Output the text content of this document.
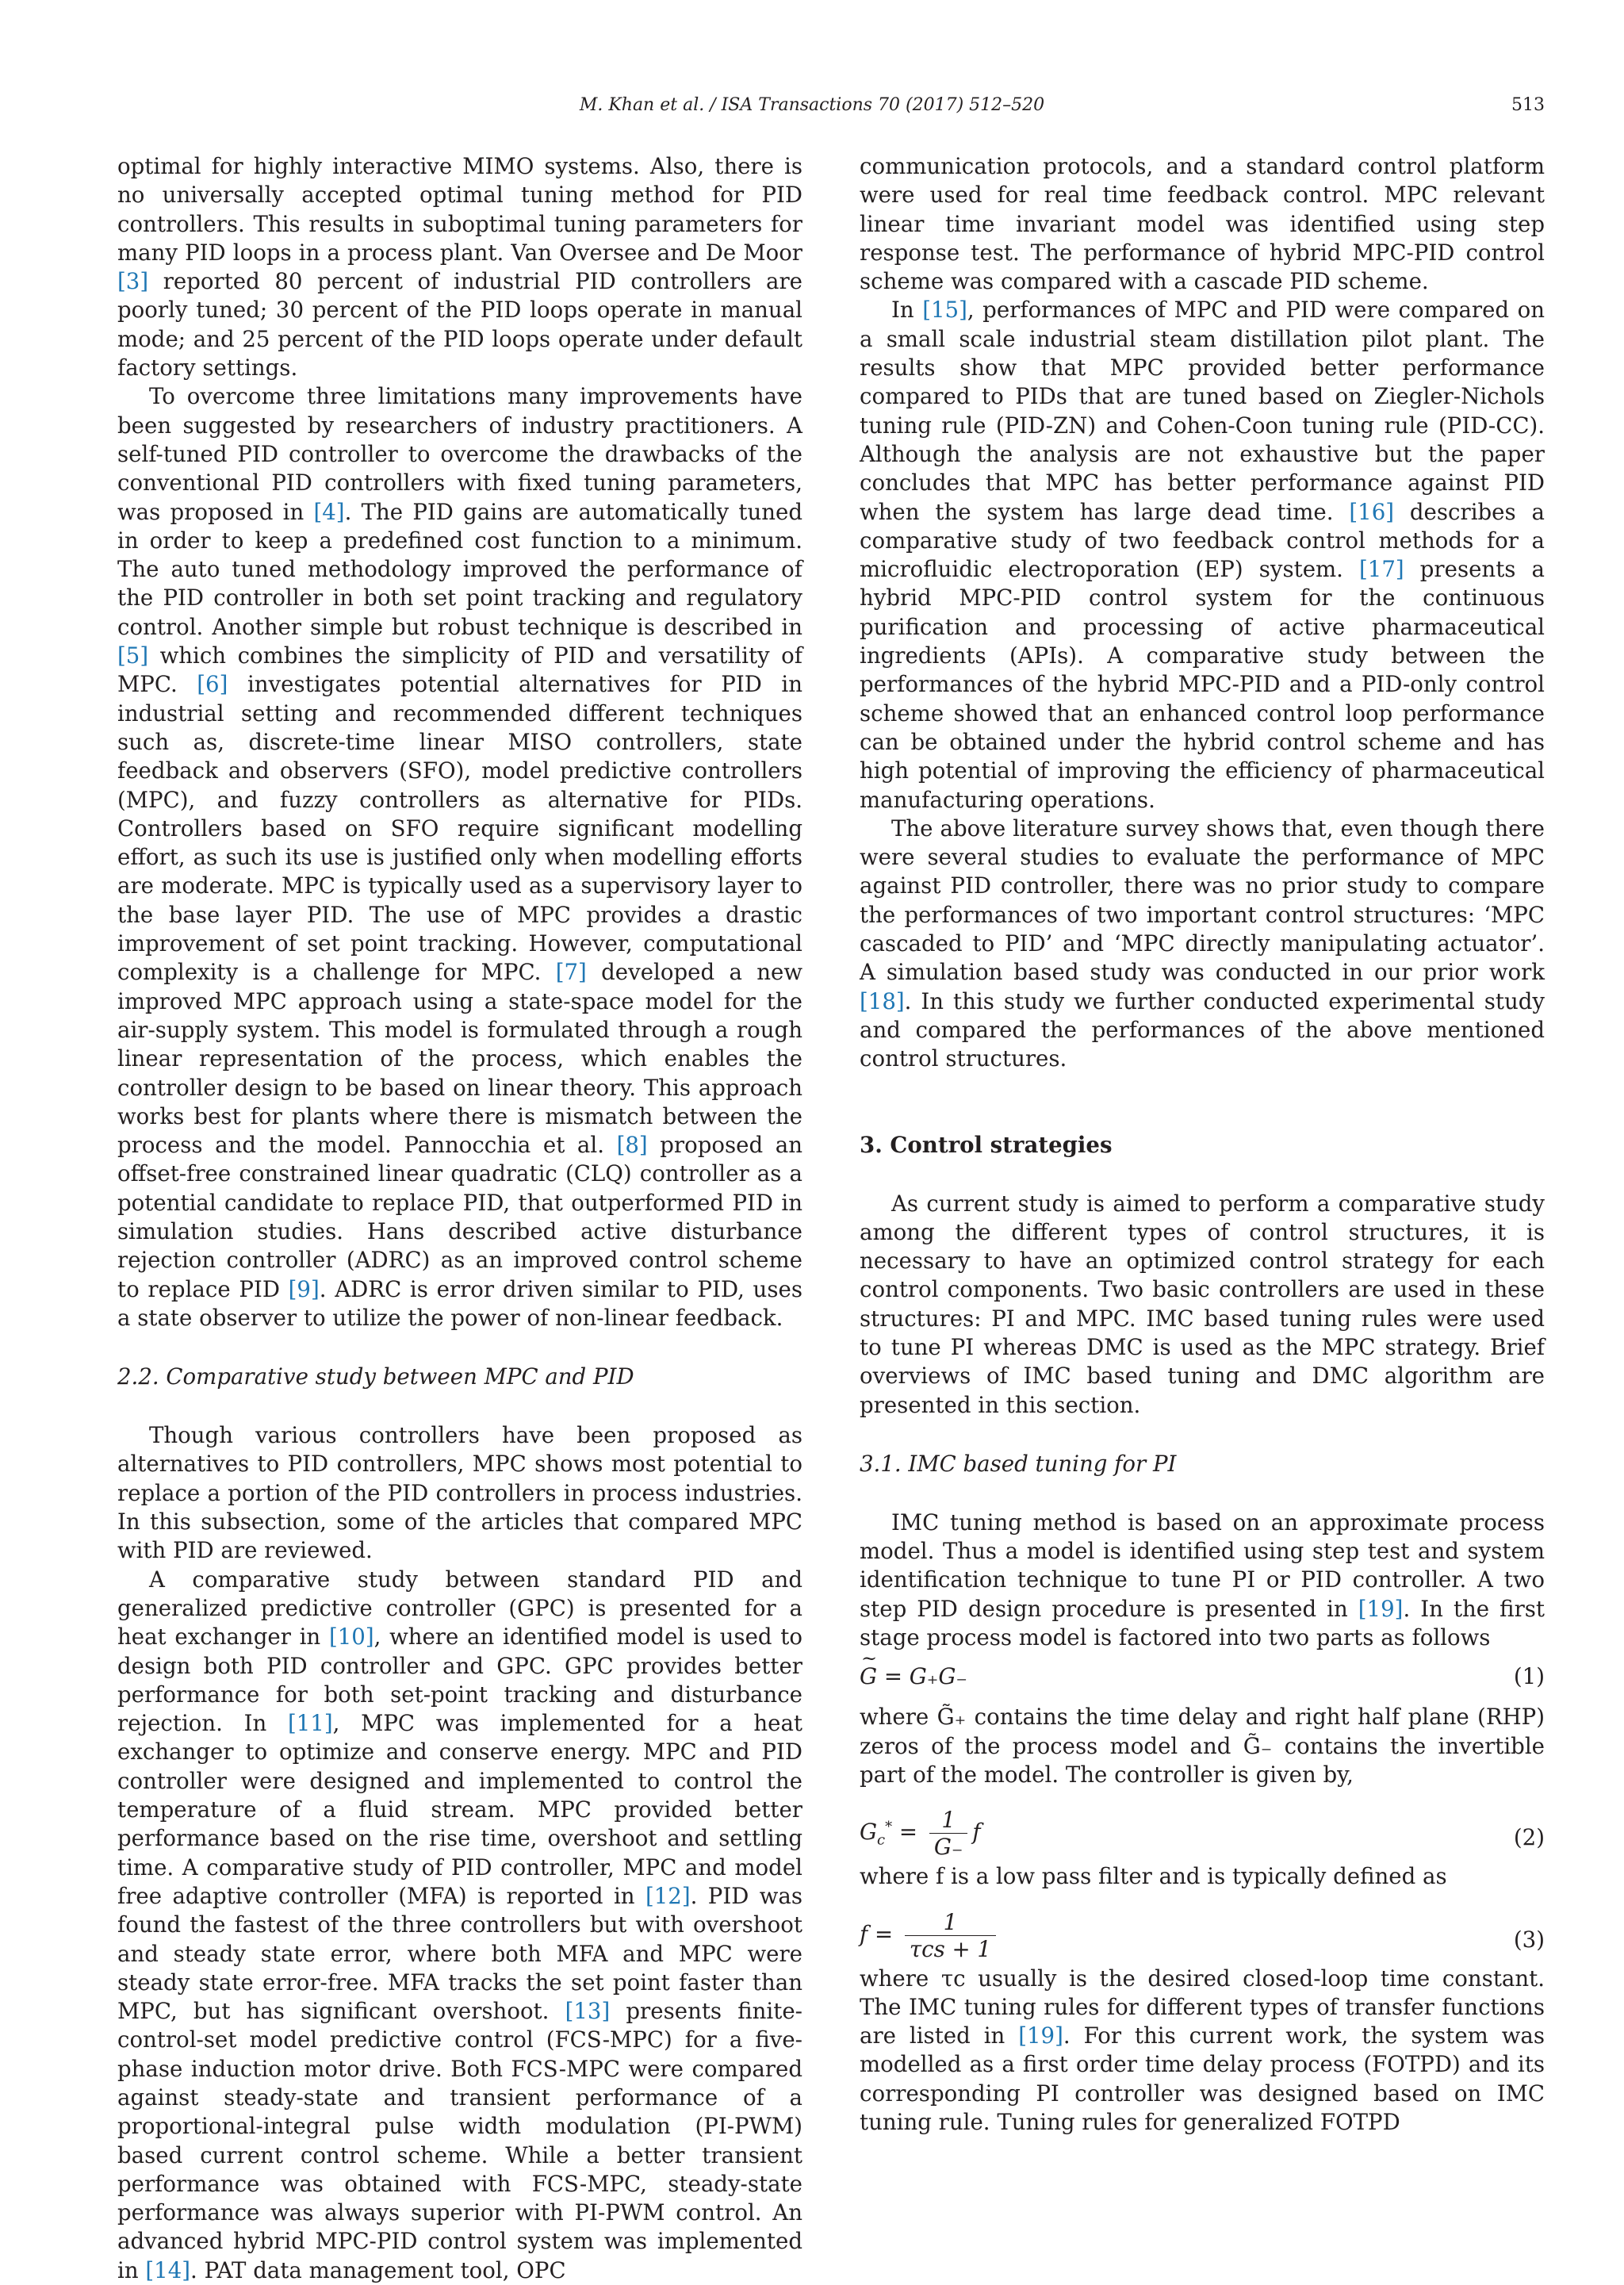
M. Khan et al. / ISA Transactions 70 (2017) 512–520	513

optimal for highly interactive MIMO systems. Also, there is no universally accepted optimal tuning method for PID controllers. This results in suboptimal tuning parameters for many PID loops in a process plant. Van Oversee and De Moor [3] reported 80 percent of industrial PID controllers are poorly tuned; 30 percent of the PID loops operate in manual mode; and 25 percent of the PID loops operate under default factory settings.

To overcome three limitations many improvements have been suggested by researchers of industry practitioners. A self-tuned PID controller to overcome the drawbacks of the conventional PID controllers with fixed tuning parameters, was proposed in [4]. The PID gains are automatically tuned in order to keep a predefined cost function to a minimum. The auto tuned methodology improved the performance of the PID controller in both set point tracking and regulatory control. Another simple but robust technique is described in [5] which combines the simplicity of PID and versatility of MPC. [6] investigates potential alternatives for PID in industrial setting and recommended different techniques such as, discrete-time linear MISO controllers, state feedback and observers (SFO), model predictive controllers (MPC), and fuzzy controllers as alternative for PIDs. Controllers based on SFO require significant modelling effort, as such its use is justified only when modelling efforts are moderate. MPC is typically used as a supervisory layer to the base layer PID. The use of MPC provides a drastic improvement of set point tracking. However, computational complexity is a challenge for MPC. [7] developed a new improved MPC approach using a state-space model for the air-supply system. This model is formulated through a rough linear representation of the process, which enables the controller design to be based on linear theory. This approach works best for plants where there is mismatch between the process and the model. Pannocchia et al. [8] proposed an offset-free constrained linear quadratic (CLQ) controller as a potential candidate to replace PID, that outperformed PID in simulation studies. Hans described active disturbance rejection controller (ADRC) as an improved control scheme to replace PID [9]. ADRC is error driven similar to PID, uses a state observer to utilize the power of non-linear feedback.

2.2. Comparative study between MPC and PID

Though various controllers have been proposed as alternatives to PID controllers, MPC shows most potential to replace a portion of the PID controllers in process industries. In this subsection, some of the articles that compared MPC with PID are reviewed.

A comparative study between standard PID and generalized predictive controller (GPC) is presented for a heat exchanger in [10], where an identified model is used to design both PID controller and GPC. GPC provides better performance for both set-point tracking and disturbance rejection. In [11], MPC was implemented for a heat exchanger to optimize and conserve energy. MPC and PID controller were designed and implemented to control the temperature of a fluid stream. MPC provided better performance based on the rise time, overshoot and settling time. A comparative study of PID controller, MPC and model free adaptive controller (MFA) is reported in [12]. PID was found the fastest of the three controllers but with overshoot and steady state error, where both MFA and MPC were steady state error-free. MFA tracks the set point faster than MPC, but has significant overshoot. [13] presents finite-control-set model predictive control (FCS-MPC) for a five-phase induction motor drive. Both FCS-MPC were compared against steady-state and transient performance of a proportional-integral pulse width modulation (PI-PWM) based current control scheme. While a better transient performance was obtained with FCS-MPC, steady-state performance was always superior with PI-PWM control. An advanced hybrid MPC-PID control system was implemented in [14]. PAT data management tool, OPC

communication protocols, and a standard control platform were used for real time feedback control. MPC relevant linear time invariant model was identified using step response test. The performance of hybrid MPC-PID control scheme was compared with a cascade PID scheme.

In [15], performances of MPC and PID were compared on a small scale industrial steam distillation pilot plant. The results show that MPC provided better performance compared to PIDs that are tuned based on Ziegler-Nichols tuning rule (PID-ZN) and Cohen-Coon tuning rule (PID-CC). Although the analysis are not exhaustive but the paper concludes that MPC has better performance against PID when the system has large dead time. [16] describes a comparative study of two feedback control methods for a microfluidic electroporation (EP) system. [17] presents a hybrid MPC-PID control system for the continuous purification and processing of active pharmaceutical ingredients (APIs). A comparative study between the performances of the hybrid MPC-PID and a PID-only control scheme showed that an enhanced control loop performance can be obtained under the hybrid control scheme and has high potential of improving the efficiency of pharmaceutical manufacturing operations.

The above literature survey shows that, even though there were several studies to evaluate the performance of MPC against PID controller, there was no prior study to compare the performances of two important control structures: ‘MPC cascaded to PID’ and ‘MPC directly manipulating actuator’. A simulation based study was conducted in our prior work [18]. In this study we further conducted experimental study and compared the performances of the above mentioned control structures.

3. Control strategies

As current study is aimed to perform a comparative study among the different types of control structures, it is necessary to have an optimized control strategy for each control components. Two basic controllers are used in these structures: PI and MPC. IMC based tuning rules were used to tune PI whereas DMC is used as the MPC strategy. Brief overviews of IMC based tuning and DMC algorithm are presented in this section.

3.1. IMC based tuning for PI

IMC tuning method is based on an approximate process model. Thus a model is identified using step test and system identification technique to tune PI or PID controller. A two step PID design procedure is presented in [19]. In the first stage process model is factored into two parts as follows

~ G = G₊G₋	(1)

where G̃₊ contains the time delay and right half plane (RHP) zeros of the process model and G̃₋ contains the invertible part of the model. The controller is given by,

$G_c^* = \frac{1}{G_-}$ f	(2)

where f is a low pass filter and is typically defined as

$f = \frac{1}{\text{τcs + 1}}$	(3)

where τc usually is the desired closed-loop time constant. The IMC tuning rules for different types of transfer functions are listed in [19]. For this current work, the system was modelled as a first order time delay process (FOTPD) and its corresponding PI controller was designed based on IMC tuning rule. Tuning rules for generalized FOTPD
